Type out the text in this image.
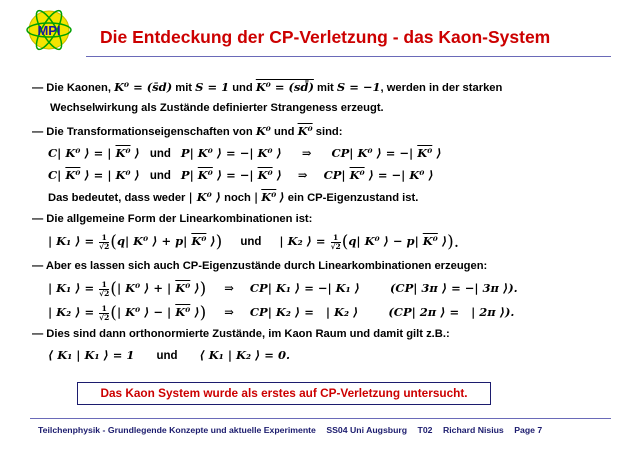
MPI Die Entdeckung der CP-Verletzung - das Kaon-System
— Die Kaonen, K⁰ = (s̄d) mit S = 1 und K⁰ = (sd̄) mit S = −1, werden in der starken
Wechselwirkung als Zustände definierter Strangeness erzeugt.
— Die Transformationseigenschaften von K⁰ und K⁰ sind:
C| K⁰ ⟩ = | K⁰ ⟩ und P| K⁰ ⟩ = −| K⁰ ⟩ ⇒ CP| K⁰ ⟩ = −| K⁰ ⟩
C| K⁰ ⟩ = | K⁰ ⟩ und P| K⁰ ⟩ = −| K⁰ ⟩ ⇒ CP| K⁰ ⟩ = −| K⁰ ⟩
Das bedeutet, dass weder | K⁰ ⟩ noch | K⁰ ⟩ ein CP-Eigenzustand ist.
— Die allgemeine Form der Linearkombinationen ist:
| K₁ ⟩ = $\frac{1}{√2} (q|$ K⁰ ⟩ + p| K⁰ ⟩) und | K₂ ⟩ = $\frac{1}{√2} (q|$ K⁰ ⟩ − p| K⁰ ⟩).
— Aber es lassen sich auch CP-Eigenzustände durch Linearkombinationen erzeugen:
| K₁ ⟩ = $\frac{1}{√2}$ (| K⁰ ⟩ + | K⁰ ⟩) ⇒ CP| K₁ ⟩ = −| K₁ ⟩	(CP| 3π ⟩ = −| 3π ⟩).
| K₂ ⟩ = $\frac{1}{√2}$ (| K⁰ ⟩ − | K⁰ ⟩) ⇒ CP| K₂ ⟩ =   | K₂ ⟩	(CP| 2π ⟩ =   | 2π ⟩).
— Dies sind dann orthonormierte Zustände, im Kaon Raum und damit gilt z.B.:
⟨ K₁ | K₁ ⟩ = 1 und ⟨ K₁ | K₂ ⟩ = 0.
Das Kaon System wurde als erstes auf CP-Verletzung untersucht.
Teilchenphysik - Grundlegende Konzepte und aktuelle Experimente SS04 Uni Augsburg T02 Richard Nisius Page 7
